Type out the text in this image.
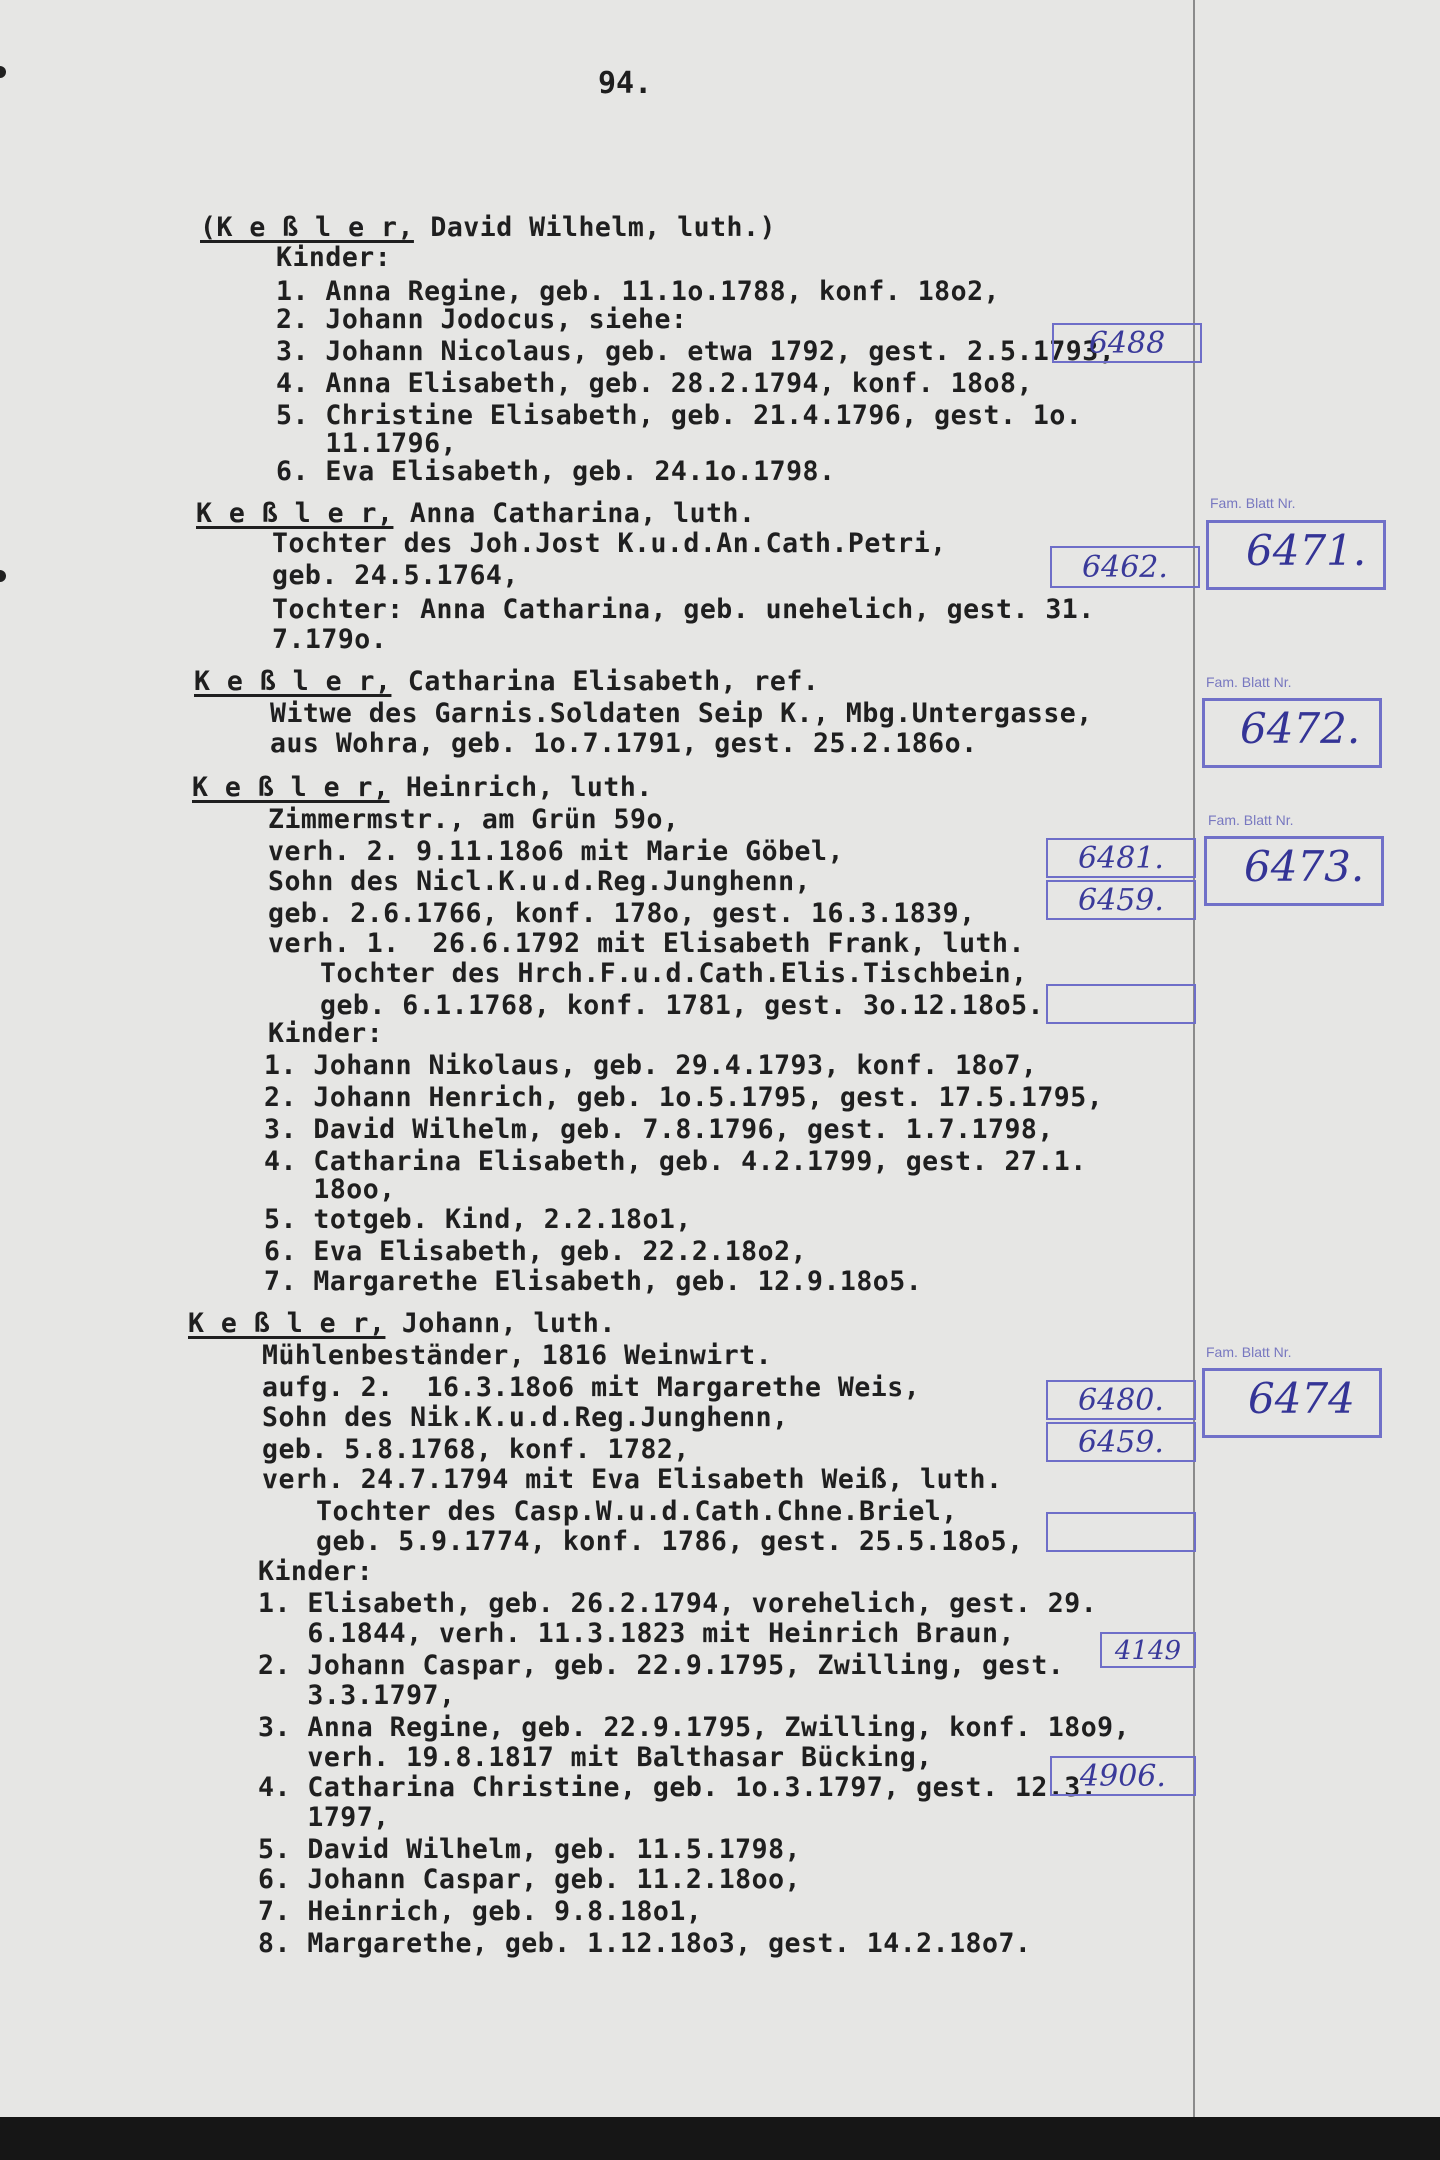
94.
(K e ß l e r, David Wilhelm, luth.)
Kinder:
1. Anna Regine, geb. 11.1o.1788, konf. 18o2,
2. Johann Jodocus, siehe:
3. Johann Nicolaus, geb. etwa 1792, gest. 2.5.1793,
4. Anna Elisabeth, geb. 28.2.1794, konf. 18o8,
5. Christine Elisabeth, geb. 21.4.1796, gest. 1o.
11.1796,
6. Eva Elisabeth, geb. 24.1o.1798.
K e ß l e r, Anna Catharina, luth.
Tochter des Joh.Jost K.u.d.An.Cath.Petri,
geb. 24.5.1764,
Tochter: Anna Catharina, geb. unehelich, gest. 31.
7.179o.
K e ß l e r, Catharina Elisabeth, ref.
Witwe des Garnis.Soldaten Seip K., Mbg.Untergasse,
aus Wohra, geb. 1o.7.1791, gest. 25.2.186o.
K e ß l e r, Heinrich, luth.
Zimmermstr., am Grün 59o,
verh. 2. 9.11.18o6 mit Marie Göbel,
Sohn des Nicl.K.u.d.Reg.Junghenn,
geb. 2.6.1766, konf. 178o, gest. 16.3.1839,
verh. 1.  26.6.1792 mit Elisabeth Frank, luth.
Tochter des Hrch.F.u.d.Cath.Elis.Tischbein,
geb. 6.1.1768, konf. 1781, gest. 3o.12.18o5.
Kinder:
1. Johann Nikolaus, geb. 29.4.1793, konf. 18o7,
2. Johann Henrich, geb. 1o.5.1795, gest. 17.5.1795,
3. David Wilhelm, geb. 7.8.1796, gest. 1.7.1798,
4. Catharina Elisabeth, geb. 4.2.1799, gest. 27.1.
18oo,
5. totgeb. Kind, 2.2.18o1,
6. Eva Elisabeth, geb. 22.2.18o2,
7. Margarethe Elisabeth, geb. 12.9.18o5.
K e ß l e r, Johann, luth.
Mühlenbeständer, 1816 Weinwirt.
aufg. 2.  16.3.18o6 mit Margarethe Weis,
Sohn des Nik.K.u.d.Reg.Junghenn,
geb. 5.8.1768, konf. 1782,
verh. 24.7.1794 mit Eva Elisabeth Weiß, luth.
Tochter des Casp.W.u.d.Cath.Chne.Briel,
geb. 5.9.1774, konf. 1786, gest. 25.5.18o5,
Kinder:
1. Elisabeth, geb. 26.2.1794, vorehelich, gest. 29.
6.1844, verh. 11.3.1823 mit Heinrich Braun,
2. Johann Caspar, geb. 22.9.1795, Zwilling, gest.
3.3.1797,
3. Anna Regine, geb. 22.9.1795, Zwilling, konf. 18o9,
verh. 19.8.1817 mit Balthasar Bücking,
4. Catharina Christine, geb. 1o.3.1797, gest. 12.3.
1797,
5. David Wilhelm, geb. 11.5.1798,
6. Johann Caspar, geb. 11.2.18oo,
7. Heinrich, geb. 9.8.18o1,
8. Margarethe, geb. 1.12.18o3, gest. 14.2.18o7.
6488
6462.
6481.
6459.
6480.
6459.
4149
4906.
Fam. Blatt Nr.
6471.
Fam. Blatt Nr.
6472.
Fam. Blatt Nr.
6473.
Fam. Blatt Nr.
6474
